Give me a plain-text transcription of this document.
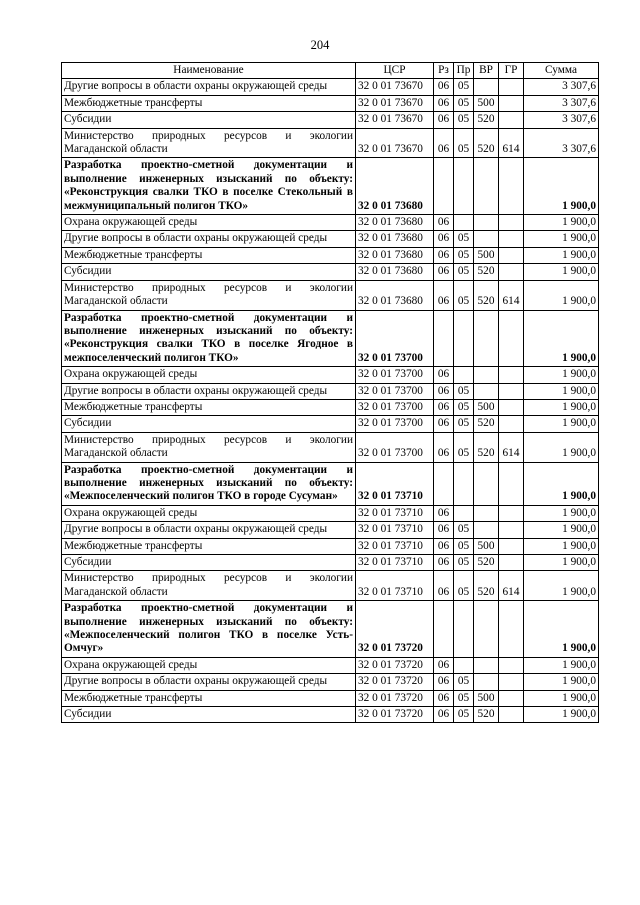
204
Наименование	ЦСР	Рз	Пр	ВР	ГР	Сумма
Другие вопросы в области охраны окружающей среды	32 0 01 73670	06	05			3 307,6
Межбюджетные трансферты	32 0 01 73670	06	05	500		3 307,6
Субсидии	32 0 01 73670	06	05	520		3 307,6
Министерство природных ресурсов и экологии Магаданской области	32 0 01 73670	06	05	520	614	3 307,6
Разработка проектно-сметной документации и выполнение инженерных изысканий по объекту: «Реконструкция свалки ТКО в поселке Стекольный в межмуниципальный полигон ТКО»	32 0 01 73680					1 900,0
Охрана окружающей среды	32 0 01 73680	06				1 900,0
Другие вопросы в области охраны окружающей среды	32 0 01 73680	06	05			1 900,0
Межбюджетные трансферты	32 0 01 73680	06	05	500		1 900,0
Субсидии	32 0 01 73680	06	05	520		1 900,0
Министерство природных ресурсов и экологии Магаданской области	32 0 01 73680	06	05	520	614	1 900,0
Разработка проектно-сметной документации и выполнение инженерных изысканий по объекту: «Реконструкция свалки ТКО в поселке Ягодное в межпоселенческий полигон ТКО»	32 0 01 73700					1 900,0
Охрана окружающей среды	32 0 01 73700	06				1 900,0
Другие вопросы в области охраны окружающей среды	32 0 01 73700	06	05			1 900,0
Межбюджетные трансферты	32 0 01 73700	06	05	500		1 900,0
Субсидии	32 0 01 73700	06	05	520		1 900,0
Министерство природных ресурсов и экологии Магаданской области	32 0 01 73700	06	05	520	614	1 900,0
Разработка проектно-сметной документации и выполнение инженерных изысканий по объекту: «Межпоселенческий полигон ТКО в городе Сусуман»	32 0 01 73710					1 900,0
Охрана окружающей среды	32 0 01 73710	06				1 900,0
Другие вопросы в области охраны окружающей среды	32 0 01 73710	06	05			1 900,0
Межбюджетные трансферты	32 0 01 73710	06	05	500		1 900,0
Субсидии	32 0 01 73710	06	05	520		1 900,0
Министерство природных ресурсов и экологии Магаданской области	32 0 01 73710	06	05	520	614	1 900,0
Разработка проектно-сметной документации и выполнение инженерных изысканий по объекту: «Межпоселенческий полигон ТКО в поселке Усть-Омчуг»	32 0 01 73720					1 900,0
Охрана окружающей среды	32 0 01 73720	06				1 900,0
Другие вопросы в области охраны окружающей среды	32 0 01 73720	06	05			1 900,0
Межбюджетные трансферты	32 0 01 73720	06	05	500		1 900,0
Субсидии	32 0 01 73720	06	05	520		1 900,0
